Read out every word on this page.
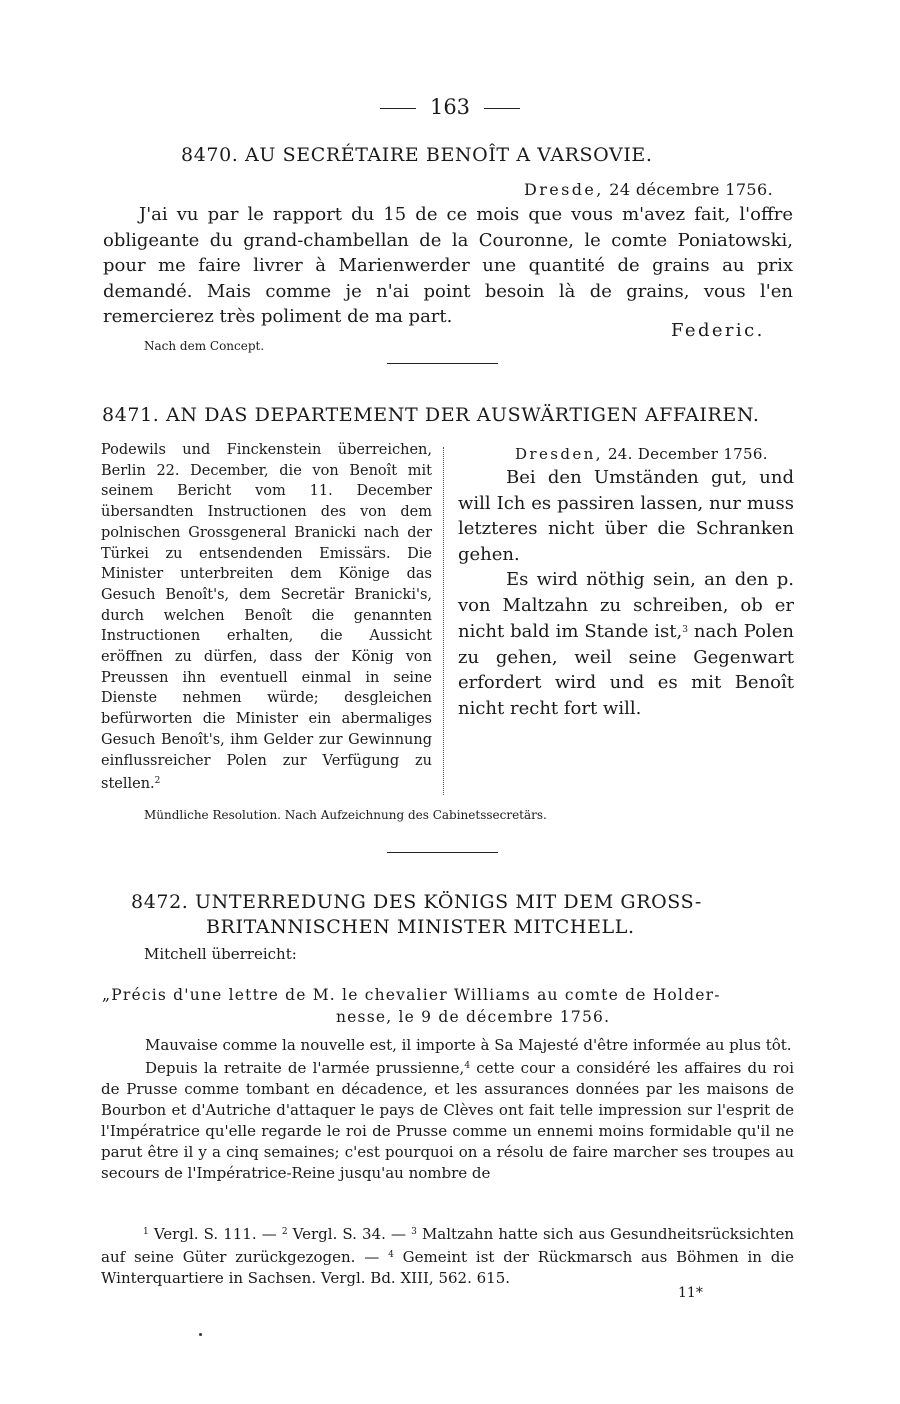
163
8470. AU SECRÉTAIRE BENOÎT A VARSOVIE.
Dresde, 24 décembre 1756.

J'ai vu par le rapport du 15 de ce mois que vous m'avez fait, l'offre obligeante du grand-chambellan de la Couronne, le comte Poniatowski, pour me faire livrer à Marienwerder une quantité de grains au prix demandé. Mais comme je n'ai point besoin là de grains, vous l'en remercierez très poliment de ma part.

Federic.
Nach dem Concept.
8471. AN DAS DEPARTEMENT DER AUSWÄRTIGEN AFFAIREN.

Podewils und Finckenstein überreichen, Berlin 22. December, die von Benoît mit seinem Bericht vom 11. December übersandten Instructionen des von dem polnischen Grossgeneral Branicki nach der Türkei zu entsendenden Emissärs. Die Minister unterbreiten dem Könige das Gesuch Benoît's, dem Secretär Branicki's, durch welchen Benoît die genannten Instructionen erhalten, die Aussicht eröffnen zu dürfen, dass der König von Preussen ihn eventuell einmal in seine Dienste nehmen würde; desgleichen befürworten die Minister ein abermaliges Gesuch Benoît's, ihm Gelder zur Gewinnung einflussreicher Polen zur Verfügung zu stellen.$^2$

Dresden, 24. December 1756.

Bei den Umständen gut, und will Ich es passiren lassen, nur muss letzteres nicht über die Schranken gehen.

Es wird nöthig sein, an den p. von Maltzahn zu schreiben, ob er nicht bald im Stande ist,$^3$ nach Polen zu gehen, weil seine Gegenwart erfordert wird und es mit Benoît nicht recht fort will.

Mündliche Resolution. Nach Aufzeichnung des Cabinetssecretärs.
8472. UNTERREDUNG DES KÖNIGS MIT DEM GROSS-
BRITANNISCHEN MINISTER MITCHELL.
Mitchell überreicht:
„Précis d'une lettre de M. le chevalier Williams au comte de Holder-
nesse, le 9 de décembre 1756.

Mauvaise comme la nouvelle est, il importe à Sa Majesté d'être informée au plus tôt.

Depuis la retraite de l'armée prussienne,$^4$ cette cour a considéré les affaires du roi de Prusse comme tombant en décadence, et les assurances données par les maisons de Bourbon et d'Autriche d'attaquer le pays de Clèves ont fait telle impression sur l'esprit de l'Impératrice qu'elle regarde le roi de Prusse comme un ennemi moins formidable qu'il ne parut être il y a cinq semaines; c'est pourquoi on a résolu de faire marcher ses troupes au secours de l'Impératrice-Reine jusqu'au nombre de

$^1$ Vergl. S. 111. — $^2$ Vergl. S. 34. — $^3$ Maltzahn hatte sich aus Gesundheitsrücksichten auf seine Güter zurückgezogen. — $^4$ Gemeint ist der Rückmarsch aus Böhmen in die Winterquartiere in Sachsen. Vergl. Bd. XIII, 562. 615.

11*
